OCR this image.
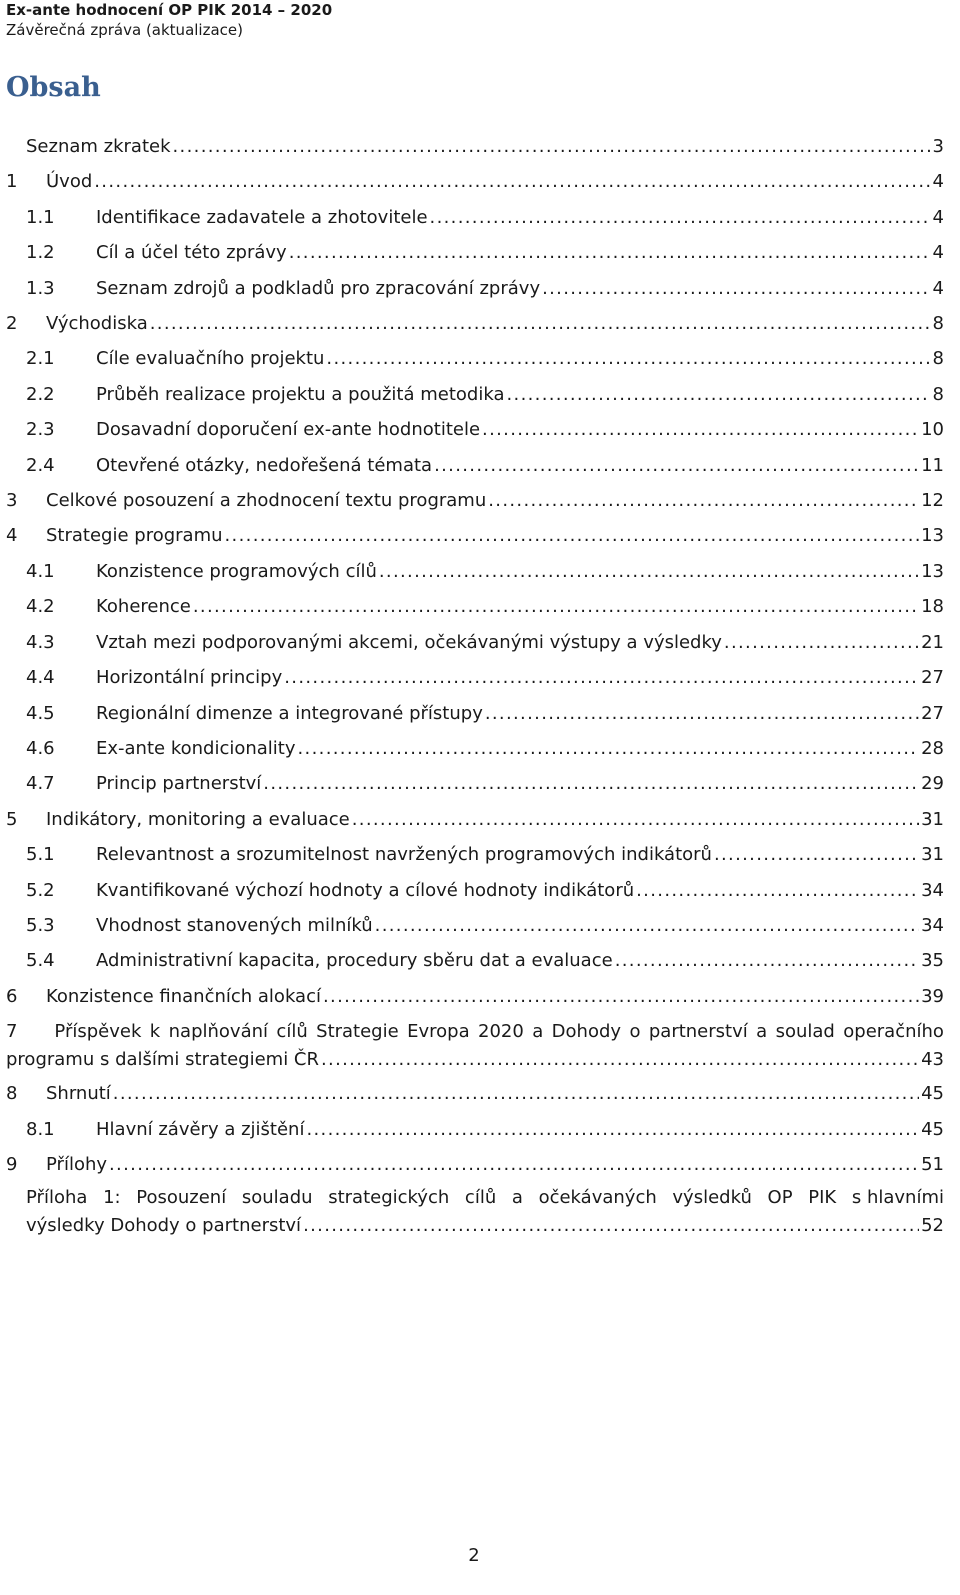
Ex-ante hodnocení OP PIK 2014 – 2020
Závěrečná zpráva (aktualizace)
Obsah
Seznam zkratek . . .	3
1	Úvod . . .	4
1.1	Identifikace zadavatele a zhotovitele . . .	4
1.2	Cíl a účel této zprávy . . .	4
1.3	Seznam zdrojů a podkladů pro zpracování zprávy . . .	4
2	Východiska . . .	8
2.1	Cíle evaluačního projektu . . .	8
2.2	Průběh realizace projektu a použitá metodika . . .	8
2.3	Dosavadní doporučení ex-ante hodnotitele . . .	10
2.4	Otevřené otázky, nedořešená témata . . .	11
3	Celkové posouzení a zhodnocení textu programu . . .	12
4	Strategie programu . . .	13
4.1	Konzistence programových cílů . . .	13
4.2	Koherence . . .	18
4.3	Vztah mezi podporovanými akcemi, očekávanými výstupy a výsledky . . .	21
4.4	Horizontální principy . . .	27
4.5	Regionální dimenze a integrované přístupy . . .	27
4.6	Ex-ante kondicionality . . .	28
4.7	Princip partnerství . . .	29
5	Indikátory, monitoring a evaluace . . .	31
5.1	Relevantnost a srozumitelnost navržených programových indikátorů . . .	31
5.2	Kvantifikované výchozí hodnoty a cílové hodnoty indikátorů . . .	34
5.3	Vhodnost stanovených milníků . . .	34
5.4	Administrativní kapacita, procedury sběru dat a evaluace . . .	35
6	Konzistence finančních alokací . . .	39
7	Příspěvek k naplňování cílů Strategie Evropa 2020 a Dohody o partnerství a soulad operačního
programu s dalšími strategiemi ČR . . .	43
8	Shrnutí . . .	45
8.1	Hlavní závěry a zjištění . . .	45
9	Přílohy . . .	51
Příloha 1: Posouzení souladu strategických cílů a očekávaných výsledků OP PIK s hlavními
výsledky Dohody o partnerství . . .	52
2
